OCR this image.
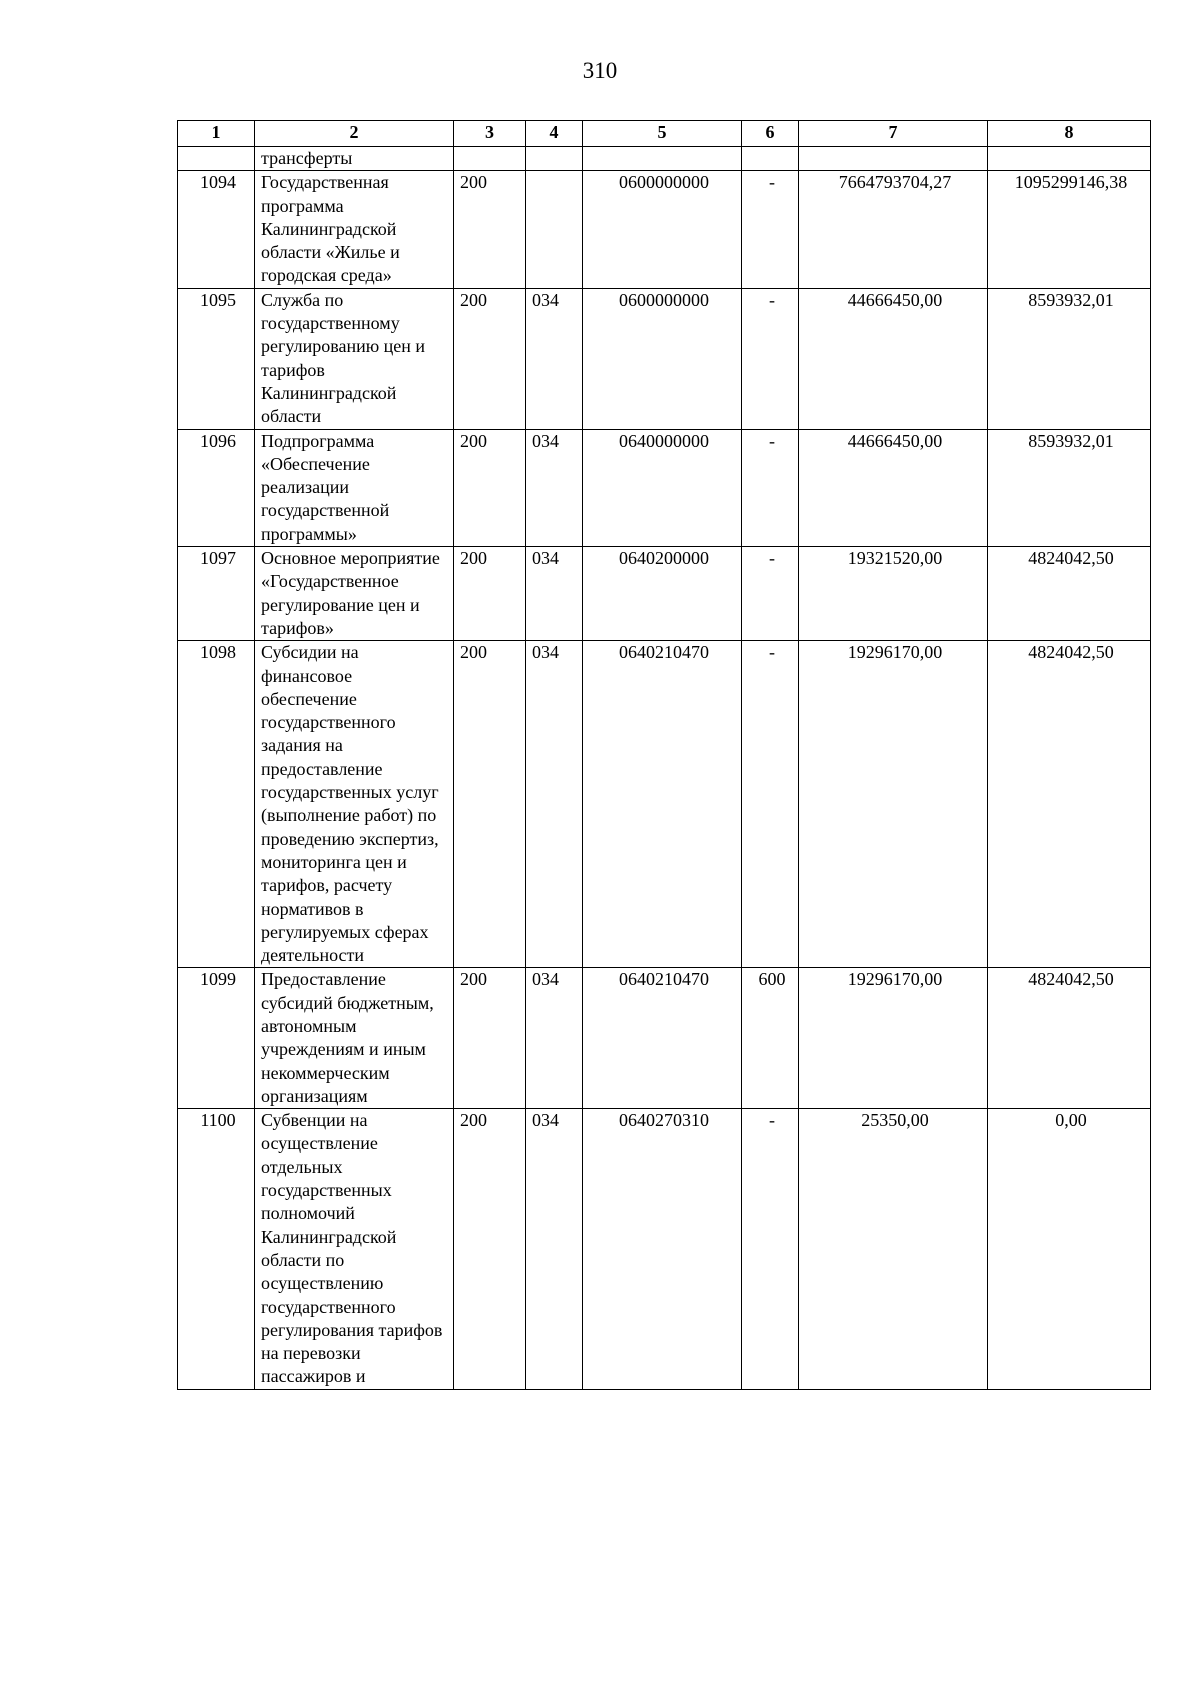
310
1	2	3	4	5	6	7	8
	трансферты						
1094	Государственная программа Калининградской области «Жилье и городская среда»	200		0600000000	-	7664793704,27	1095299146,38
1095	Служба по государственному регулированию цен и тарифов Калининградской области	200	034	0600000000	-	44666450,00	8593932,01
1096	Подпрограмма «Обеспечение реализации государственной программы»	200	034	0640000000	-	44666450,00	8593932,01
1097	Основное мероприятие «Государственное регулирование цен и тарифов»	200	034	0640200000	-	19321520,00	4824042,50
1098	Субсидии на финансовое обеспечение государственного задания на предоставление государственных услуг (выполнение работ) по проведению экспертиз, мониторинга цен и тарифов, расчету нормативов в регулируемых сферах деятельности	200	034	0640210470	-	19296170,00	4824042,50
1099	Предоставление субсидий бюджетным, автономным учреждениям и иным некоммерческим организациям	200	034	0640210470	600	19296170,00	4824042,50
1100	Субвенции на осуществление отдельных государственных полномочий Калининградской области по осуществлению государственного регулирования тарифов на перевозки пассажиров и	200	034	0640270310	-	25350,00	0,00
